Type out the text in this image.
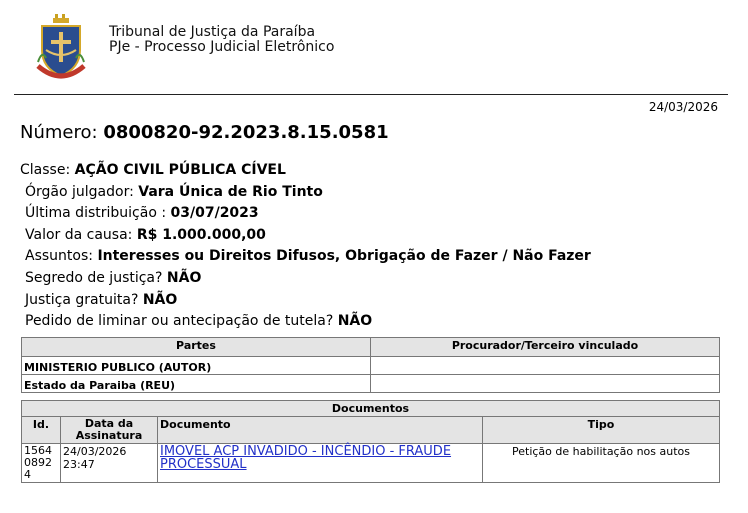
Tribunal de Justiça da Paraíba
PJe - Processo Judicial Eletrônico
24/03/2026
Número: 0800820-92.2023.8.15.0581
Classe: AÇÃO CIVIL PÚBLICA CÍVEL
Órgão julgador: Vara Única de Rio Tinto
Última distribuição : 03/07/2023
Valor da causa: R$ 1.000.000,00
Assuntos: Interesses ou Direitos Difusos, Obrigação de Fazer / Não Fazer
Segredo de justiça? NÃO
Justiça gratuita? NÃO
Pedido de liminar ou antecipação de tutela? NÃO
Partes	Procurador/Terceiro vinculado
MINISTERIO PUBLICO (AUTOR)	
Estado da Paraiba (REU)	
Documentos			
Id.	Data da Assinatura	Documento	Tipo
156408924	24/03/2026 23:47	IMOVEL ACP INVADIDO - INCÊNDIO - FRAUDE PROCESSUAL	Petição de habilitação nos autos
